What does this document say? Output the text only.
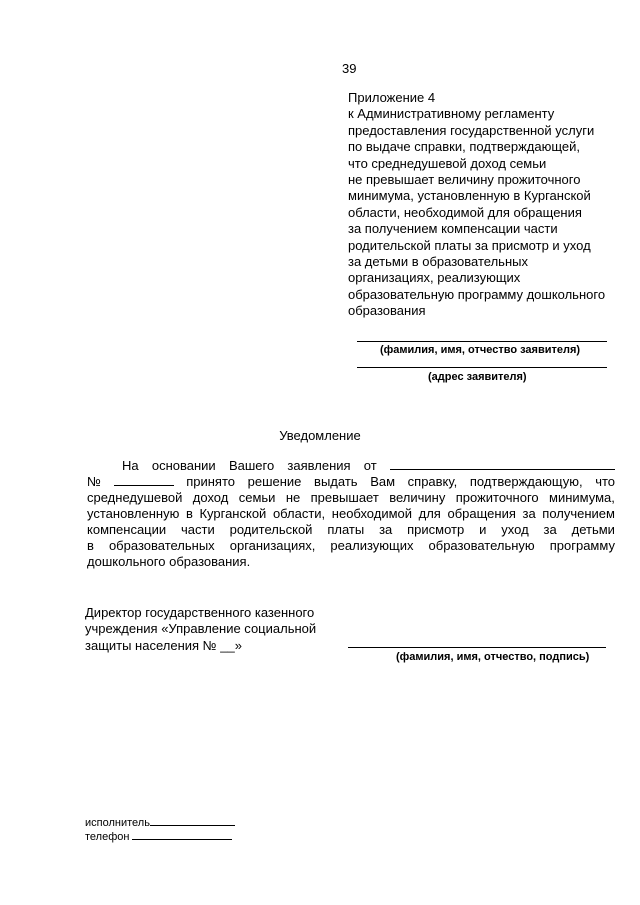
39
Приложение 4
к Административному регламенту
предоставления государственной услуги
по выдаче справки, подтверждающей,
что среднедушевой доход семьи
не превышает величину прожиточного
минимума, установленную в Курганской
области, необходимой для обращения
за получением компенсации части
родительской платы за присмотр и уход
за детьми в образовательных
организациях, реализующих
образовательную программу дошкольного
образования
(фамилия, имя, отчество заявителя)
(адрес заявителя)
Уведомление
На основании Вашего заявления от
№	принято решение выдать Вам справку, подтверждающую, что
среднедушевой доход семьи не превышает величину прожиточного минимума,
установленную в Курганской области, необходимой для обращения за получением
компенсации части родительской платы за присмотр и уход за детьми
в образовательных организациях, реализующих образовательную программу
дошкольного образования.
Директор государственного казенного
учреждения «Управление социальной
защиты населения № __»
(фамилия, имя, отчество, подпись)
исполнитель
телефон
